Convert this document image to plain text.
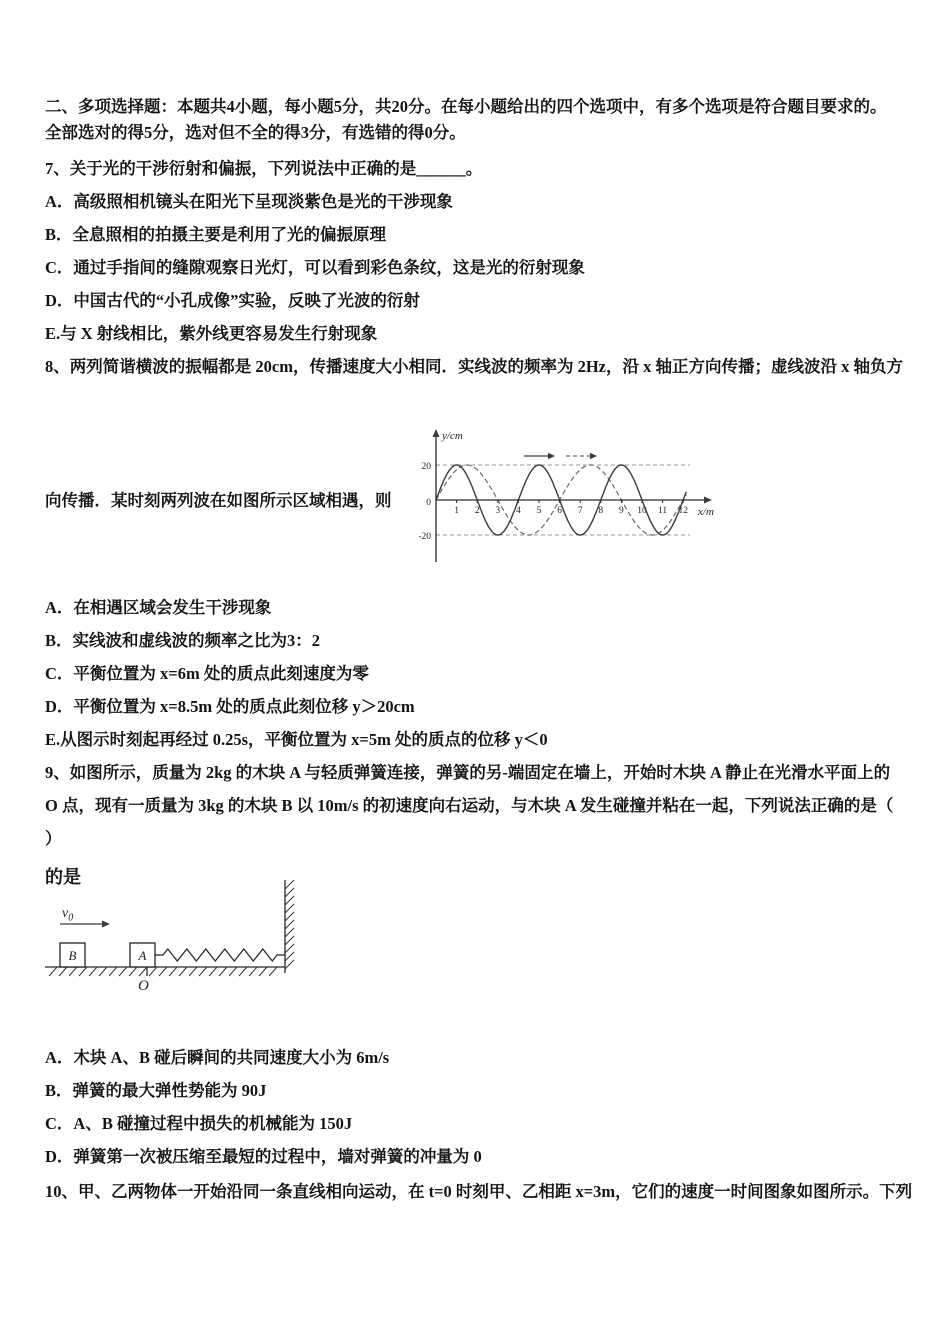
二、多项选择题：本题共4小题，每小题5分，共20分。在每小题给出的四个选项中，有多个选项是符合题目要求的。

全部选对的得5分，选对但不全的得3分，有选错的得0分。

7、关于光的干涉衍射和偏振，下列说法中正确的是______。

A．高级照相机镜头在阳光下呈现淡紫色是光的干涉现象

B．全息照相的拍摄主要是利用了光的偏振原理

C．通过手指间的缝隙观察日光灯，可以看到彩色条纹，这是光的衍射现象

D．中国古代的“小孔成像”实验，反映了光波的衍射

E.与 X 射线相比，紫外线更容易发生行射现象

8、两列简谐横波的振幅都是 20cm，传播速度大小相同．实线波的频率为 2Hz，沿 x 轴正方向传播；虚线波沿 x 轴负方

向传播．某时刻两列波在如图所示区域相遇，则

20
0
-20
y/cm
x/m
1 2 3 4 5 6 7 8 9 10 11 12

A．在相遇区域会发生干涉现象

B．实线波和虚线波的频率之比为3：2

C．平衡位置为 x=6m 处的质点此刻速度为零

D．平衡位置为 x=8.5m 处的质点此刻位移 y＞20cm

E.从图示时刻起再经过 0.25s，平衡位置为 x=5m 处的质点的位移 y＜0

9、如图所示，质量为 2kg 的木块 A 与轻质弹簧连接，弹簧的另-端固定在墙上，开始时木块 A 静止在光滑水平面上的

O 点，现有一质量为 3kg 的木块 B 以 10m/s 的初速度向右运动，与木块 A 发生碰撞并粘在一起，下列说法正确的是（

）

的是
B	A
$v_0$
O

A．木块 A、B 碰后瞬间的共同速度大小为 6m/s

B．弹簧的最大弹性势能为 90J

C．A、B 碰撞过程中损失的机械能为 150J

D．弹簧第一次被压缩至最短的过程中，墙对弹簧的冲量为 0

10、甲、乙两物体一开始沿同一条直线相向运动，在 t=0 时刻甲、乙相距 x=3m，它们的速度一时间图象如图所示。下列
